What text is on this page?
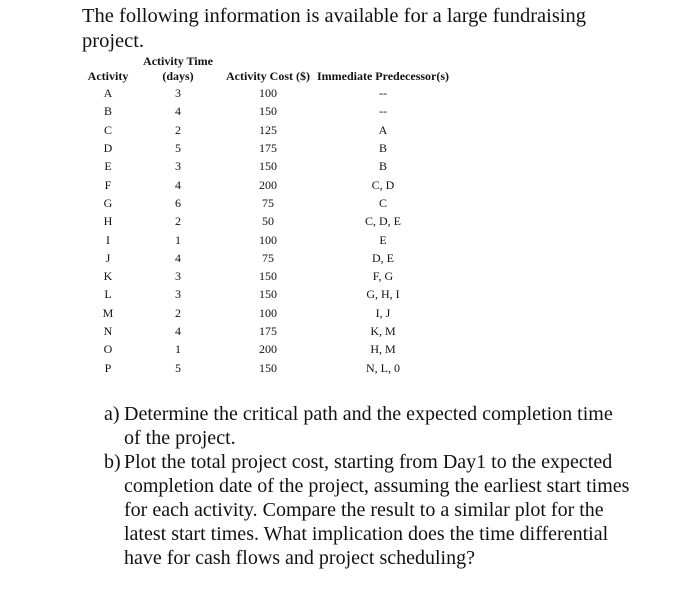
The following information is available for a large fundraising project.
Activity	Activity Time (days)	Activity Cost ($)	Immediate Predecessor(s)
A	3	100	--
B	4	150	--
C	2	125	A
D	5	175	B
E	3	150	B
F	4	200	C, D
G	6	75	C
H	2	50	C, D, E
I	1	100	E
J	4	75	D, E
K	3	150	F, G
L	3	150	G, H, I
M	2	100	I, J
N	4	175	K, M
O	1	200	H, M
P	5	150	N, L, 0
a) Determine the critical path and the expected completion time of the project.
b) Plot the total project cost, starting from Day1 to the expected completion date of the project, assuming the earliest start times for each activity. Compare the result to a similar plot for the latest start times. What implication does the time differential have for cash flows and project scheduling?
